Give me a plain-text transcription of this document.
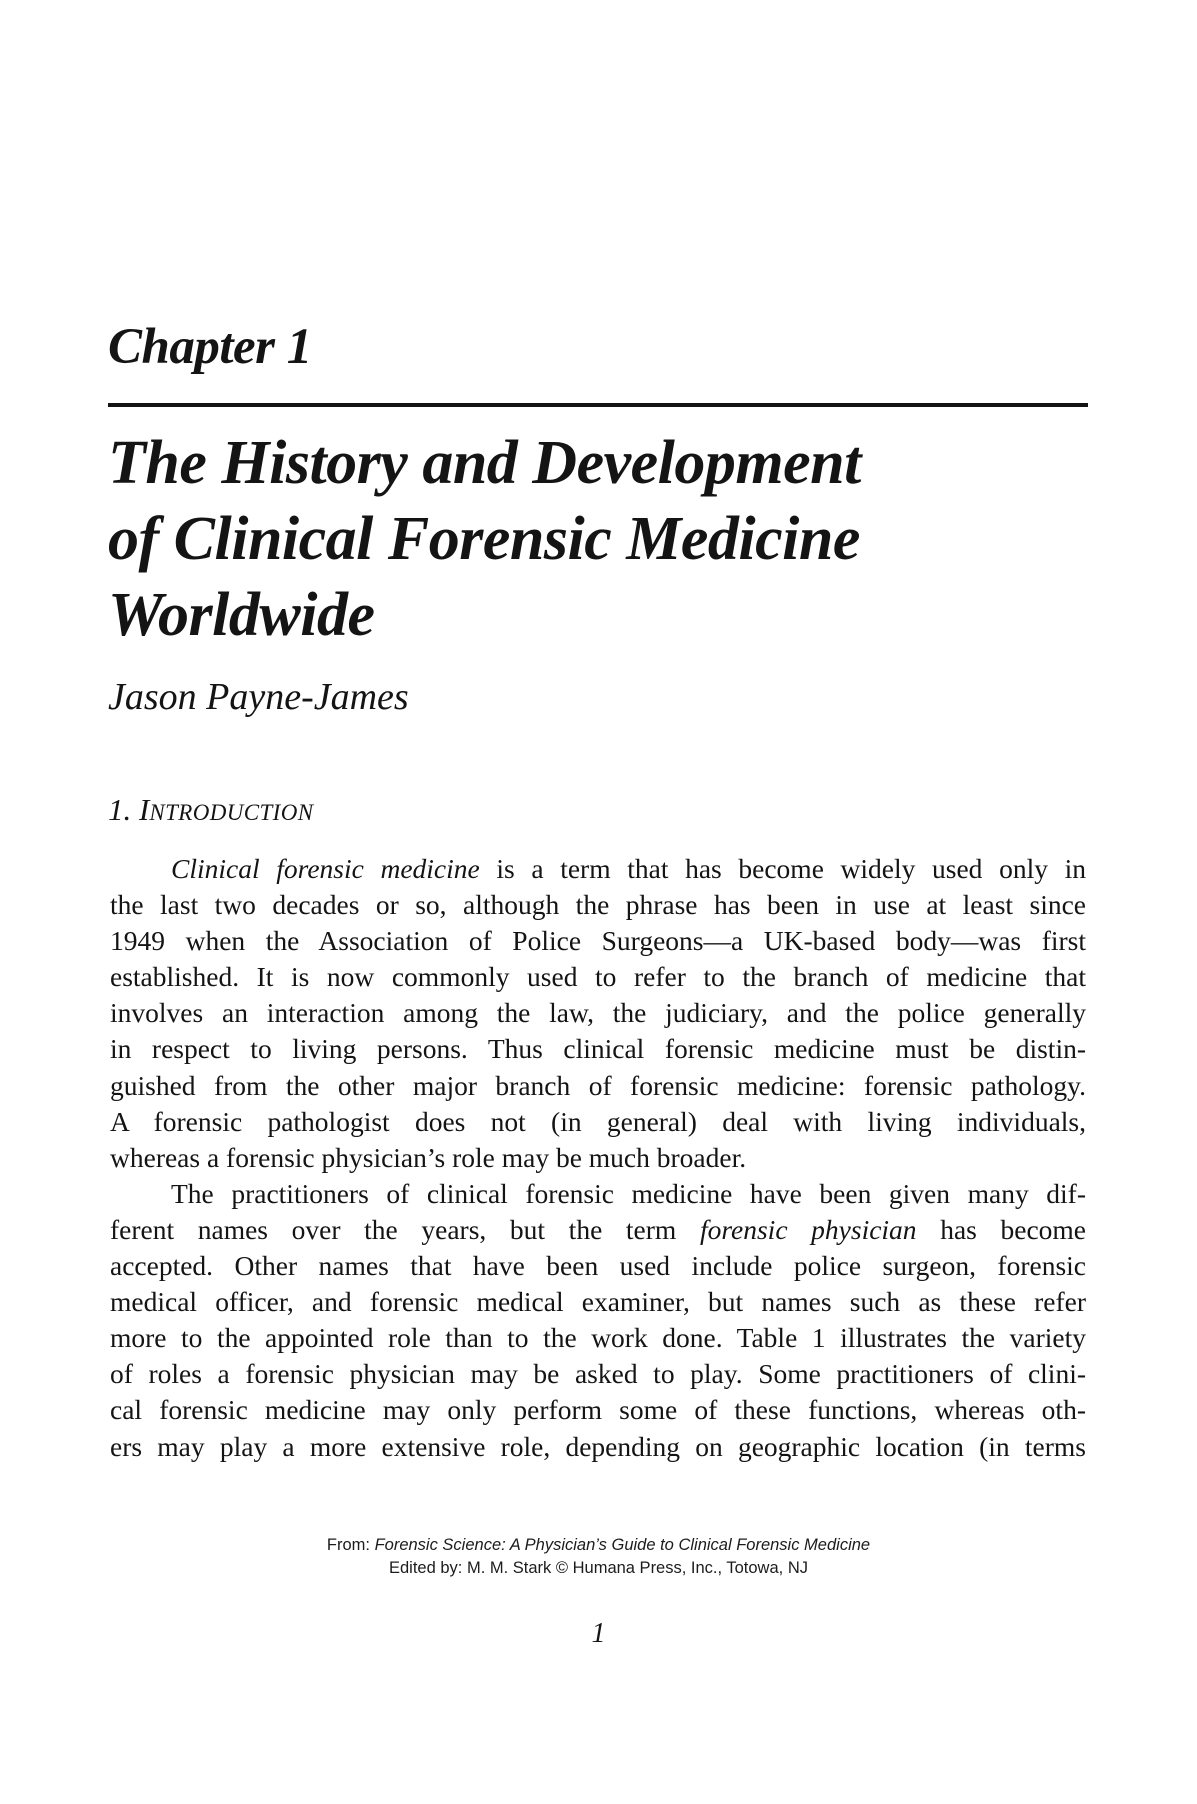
Chapter 1
The History and Development
of Clinical Forensic Medicine
Worldwide
Jason Payne-James
1. INTRODUCTION
Clinical forensic medicine is a term that has become widely used only in
the last two decades or so, although the phrase has been in use at least since
1949 when the Association of Police Surgeons—a UK-based body—was first
established. It is now commonly used to refer to the branch of medicine that
involves an interaction among the law, the judiciary, and the police generally
in respect to living persons. Thus clinical forensic medicine must be distin-
guished from the other major branch of forensic medicine: forensic pathology.
A forensic pathologist does not (in general) deal with living individuals,
whereas a forensic physician’s role may be much broader.
The practitioners of clinical forensic medicine have been given many dif-
ferent names over the years, but the term forensic physician has become
accepted. Other names that have been used include police surgeon, forensic
medical officer, and forensic medical examiner, but names such as these refer
more to the appointed role than to the work done. Table 1 illustrates the variety
of roles a forensic physician may be asked to play. Some practitioners of clini-
cal forensic medicine may only perform some of these functions, whereas oth-
ers may play a more extensive role, depending on geographic location (in terms
From: Forensic Science: A Physician’s Guide to Clinical Forensic Medicine
Edited by: M. M. Stark © Humana Press, Inc., Totowa, NJ
1
